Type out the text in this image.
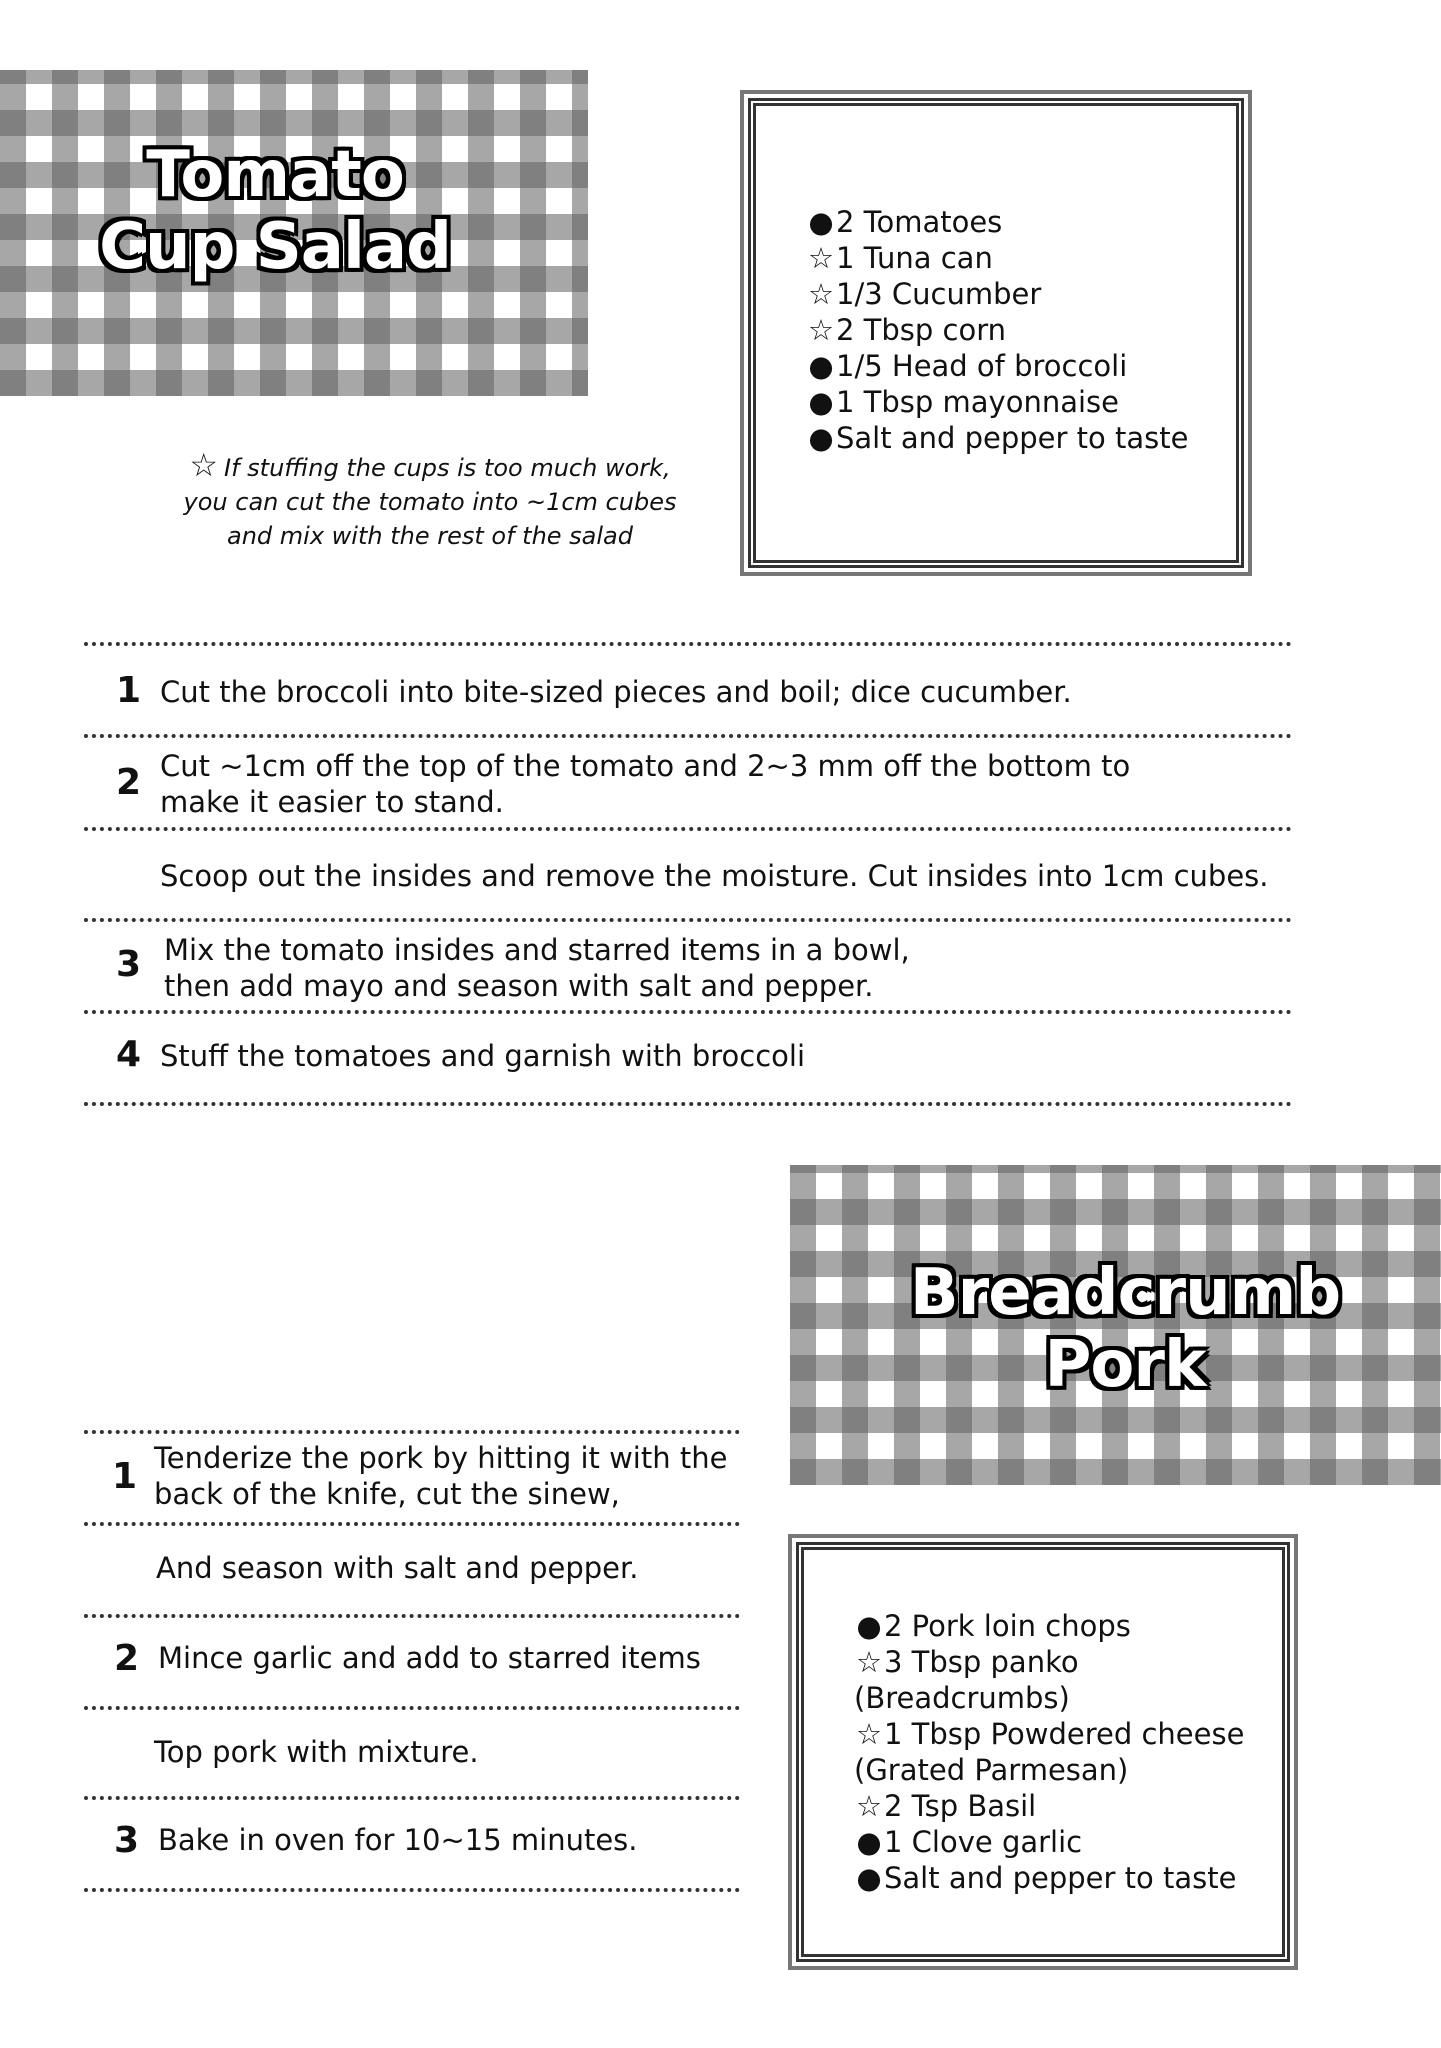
Tomato
Cup Salad	●2 Tomatoes
☆1 Tuna can
☆1/3 Cucumber
☆2 Tbsp corn
●1/5 Head of broccoli
●1 Tbsp mayonnaise
●Salt and pepper to taste
☆ If stuffing the cups is too much work,
you can cut the tomato into ~1cm cubes
and mix with the rest of the salad
1 Cut the broccoli into bite-sized pieces and boil; dice cucumber.
2 Cut ~1cm off the top of the tomato and 2~3 mm off the bottom to
make it easier to stand.
Scoop out the insides and remove the moisture. Cut insides into 1cm cubes.
3 Mix the tomato insides and starred items in a bowl,
then add mayo and season with salt and pepper.
4 Stuff the tomatoes and garnish with broccoli
Breadcrumb
Pork
●2 Pork loin chops
☆3 Tbsp panko
(Breadcrumbs)
☆1 Tbsp Powdered cheese
(Grated Parmesan)
☆2 Tsp Basil
●1 Clove garlic
●Salt and pepper to taste
1 Tenderize the pork by hitting it with the
back of the knife, cut the sinew,
And season with salt and pepper.
2 Mince garlic and add to starred items
Top pork with mixture.
3 Bake in oven for 10~15 minutes.
